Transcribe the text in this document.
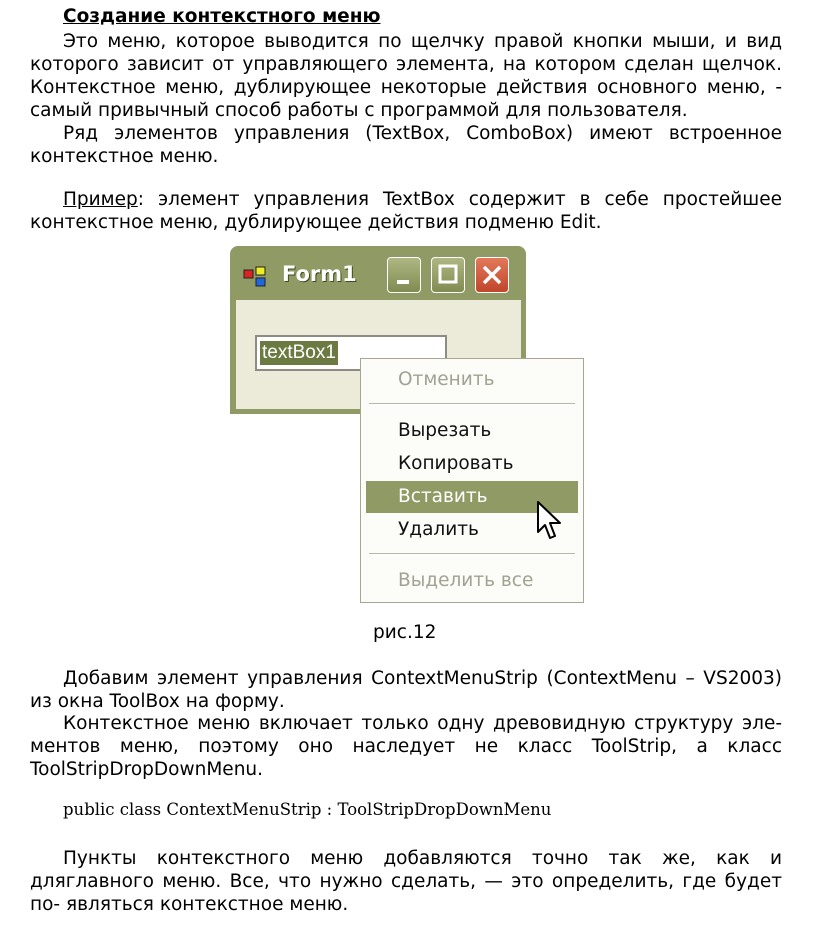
Создание контекстного меню

Это меню, которое выводится по щелчку правой кнопки мыши, и вид которого зависит от управляющего элемента, на котором сделан щелчок. Контекстное меню, дублирующее некоторые действия основного меню, - самый привычный способ работы с программой для пользователя.

Ряд элементов управления (TextBox, ComboBox) имеют встроенное контекстное меню.

Пример: элемент управления TextBox содержит в себе простейшее контекстное меню, дублирующее действия подменю Edit.

Form1
textBox1
Отменить
Вырезать
Копировать
Вставить
Удалить
Выделить все
рис.12

Добавим элемент управления ContextMenuStrip (ContextMenu – VS2003) из окна ToolBox на форму.

Контекстное меню включает только одну древовидную структуру эле-ментов меню, поэтому оно наследует не класс ToolStrip, а класс ToolStripDropDownMenu.

public class ContextMenuStrip : ToolStripDropDownMenu

Пункты контекстного меню добавляются точно так же, как и дляглавного меню. Все, что нужно сделать, — это определить, где будет по- являться контекстное меню.
